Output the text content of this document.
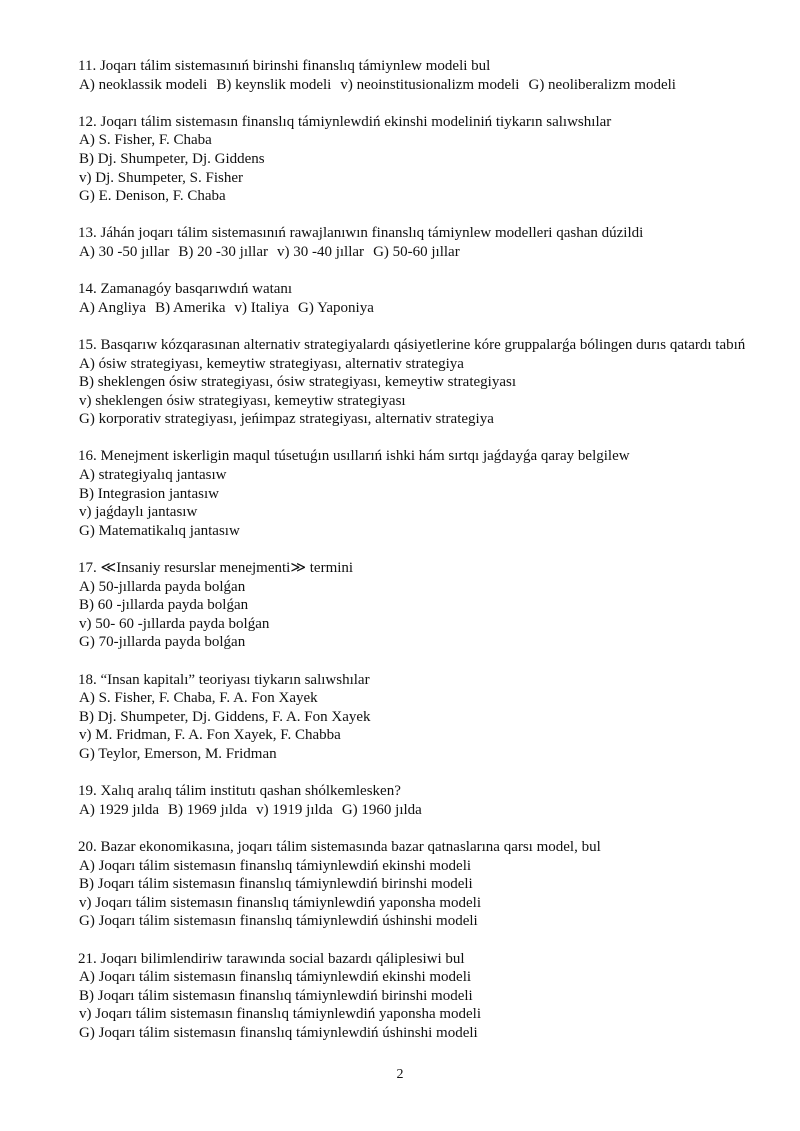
11. Joqarı tálim sistemasınıń birinshi finanslıq támiynlew modeli bul
A) neoklassik modeli B) keynslik modeli v) neoinstitusionalizm modeli G) neoliberalizm modeli
12. Joqarı tálim sistemasın finanslıq támiynlewdiń ekinshi modeliniń tiykarın salıwshılar
A) S. Fisher, F. Chaba
B) Dj. Shumpeter, Dj. Giddens
v) Dj. Shumpeter, S. Fisher
G) E. Denison, F. Chaba
13. Jáhán joqarı tálim sistemasınıń rawajlanıwın finanslıq támiynlew modelleri qashan dúzildi
A) 30 -50 jıllar B) 20 -30 jıllar v) 30 -40 jıllar G) 50-60 jıllar
14. Zamanagóy basqarıwdıń watanı
A) Angliya B) Amerika v) Italiya G) Yaponiya
15. Basqarıw kózqarasınan alternativ strategiyalardı qásiyetlerine kóre gruppalarǵa bólingen durıs qatardı tabıń
A) ósiw strategiyası, kemeytiw strategiyası, alternativ strategiya
B) sheklengen ósiw strategiyası, ósiw strategiyası, kemeytiw strategiyası
v) sheklengen ósiw strategiyası, kemeytiw strategiyası
G) korporativ strategiyası, jeńimpaz strategiyası, alternativ strategiya
16. Menejment iskerligin maqul túsetuǵın usıllarıń ishki hám sırtqı jaǵdayǵa qaray belgilew
A) strategiyalıq jantasıw
B) Integrasion jantasıw
v) jaǵdaylı jantasıw
G) Matematikalıq jantasıw
17. ≪Insaniy resurslar menejmenti≫ termini
A) 50-jıllarda payda bolǵan
B) 60 -jıllarda payda bolǵan
v) 50- 60 -jıllarda payda bolǵan
G) 70-jıllarda payda bolǵan
18. “Insan kapitalı” teoriyası tiykarın salıwshılar
A) S. Fisher, F. Chaba, F. A. Fon Xayek
B) Dj. Shumpeter, Dj. Giddens, F. A. Fon Xayek
v) M. Fridman, F. A. Fon Xayek, F. Chabba
G) Teylor, Emerson, M. Fridman
19. Xalıq aralıq tálim institutı qashan shólkemlesken?
A) 1929 jılda B) 1969 jılda v) 1919 jılda G) 1960 jılda
20. Bazar ekonomikasına, joqarı tálim sistemasında bazar qatnaslarına qarsı model, bul
A) Joqarı tálim sistemasın finanslıq támiynlewdiń ekinshi modeli
B) Joqarı tálim sistemasın finanslıq támiynlewdiń birinshi modeli
v) Joqarı tálim sistemasın finanslıq támiynlewdiń yaponsha modeli
G) Joqarı tálim sistemasın finanslıq támiynlewdiń úshinshi modeli
21. Joqarı bilimlendiriw tarawında social bazardı qáliplesiwi bul
A) Joqarı tálim sistemasın finanslıq támiynlewdiń ekinshi modeli
B) Joqarı tálim sistemasın finanslıq támiynlewdiń birinshi modeli
v) Joqarı tálim sistemasın finanslıq támiynlewdiń yaponsha modeli
G) Joqarı tálim sistemasın finanslıq támiynlewdiń úshinshi modeli
2
